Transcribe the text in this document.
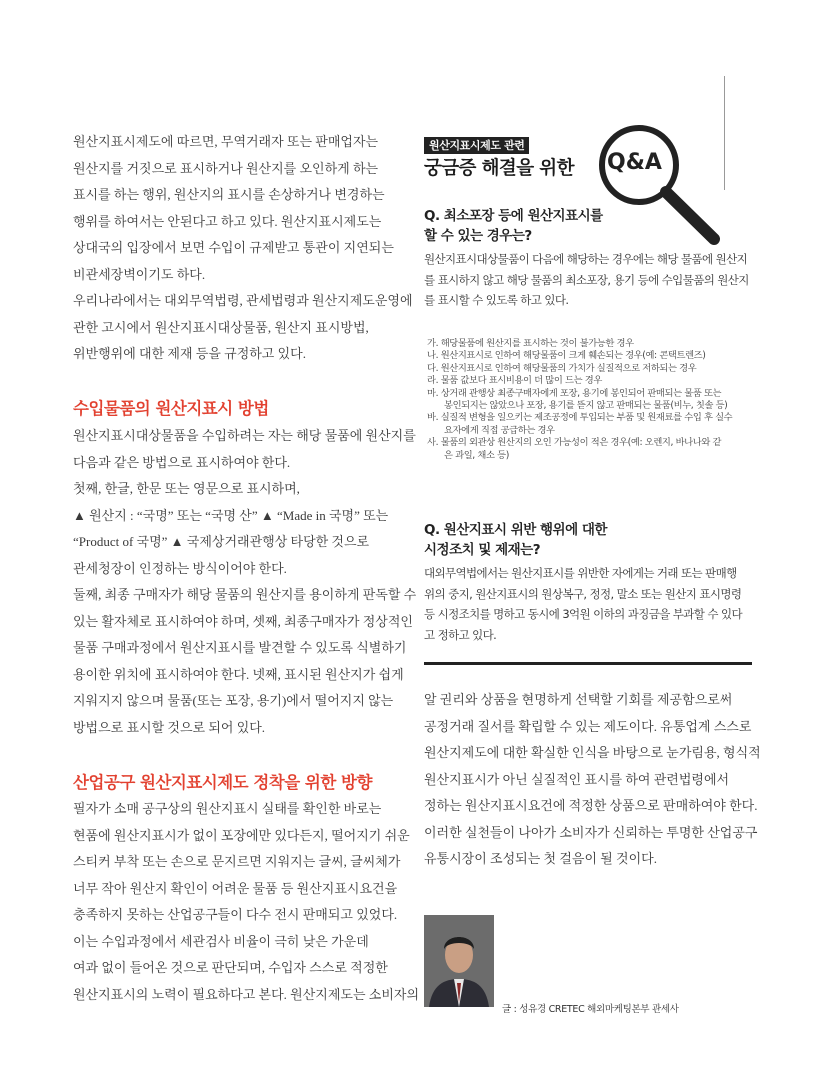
원산지표시제도에 따르면, 무역거래자 또는 판매업자는
원산지를 거짓으로 표시하거나 원산지를 오인하게 하는
표시를 하는 행위, 원산지의 표시를 손상하거나 변경하는
행위를 하여서는 안된다고 하고 있다. 원산지표시제도는
상대국의 입장에서 보면 수입이 규제받고 통관이 지연되는
비관세장벽이기도 하다.
우리나라에서는 대외무역법령, 관세법령과 원산지제도운영에
관한 고시에서 원산지표시대상물품, 원산지 표시방법,
위반행위에 대한 제재 등을 규정하고 있다.

수입물품의 원산지표시 방법

원산지표시대상물품을 수입하려는 자는 해당 물품에 원산지를
다음과 같은 방법으로 표시하여야 한다.
첫째, 한글, 한문 또는 영문으로 표시하며,
▲ 원산지 : “국명” 또는 “국명 산” ▲ “Made in 국명” 또는
“Product of 국명” ▲ 국제상거래관행상 타당한 것으로
관세청장이 인정하는 방식이어야 한다.
둘째, 최종 구매자가 해당 물품의 원산지를 용이하게 판독할 수
있는 활자체로 표시하여야 하며, 셋째, 최종구매자가 정상적인
물품 구매과정에서 원산지표시를 발견할 수 있도록 식별하기
용이한 위치에 표시하여야 한다. 넷째, 표시된 원산지가 쉽게
지워지지 않으며 물품(또는 포장, 용기)에서 떨어지지 않는
방법으로 표시할 것으로 되어 있다.

산업공구 원산지표시제도 정착을 위한 방향

필자가 소매 공구상의 원산지표시 실태를 확인한 바로는
현품에 원산지표시가 없이 포장에만 있다든지, 떨어지기 쉬운
스티커 부착 또는 손으로 문지르면 지워지는 글씨, 글씨체가
너무 작아 원산지 확인이 어려운 물품 등 원산지표시요건을
충족하지 못하는 산업공구들이 다수 전시 판매되고 있었다.
이는 수입과정에서 세관검사 비율이 극히 낮은 가운데
여과 없이 들어온 것으로 판단되며, 수입자 스스로 적정한
원산지표시의 노력이 필요하다고 본다. 원산지제도는 소비자의

원산지표시제도 관련
궁금증 해결을 위한 Q&A

Q. 최소포장 등에 원산지표시를
할 수 있는 경우는?

원산지표시대상물품이 다음에 해당하는 경우에는 해당 물품에 원산지
를 표시하지 않고 해당 물품의 최소포장, 용기 등에 수입물품의 원산지
를 표시할 수 있도록 하고 있다.

가. 해당물품에 원산지를 표시하는 것이 불가능한 경우
나. 원산지표시로 인하여 해당물품이 크게 훼손되는 경우(예: 콘택트렌즈)
다. 원산지표시로 인하여 해당물품의 가치가 실질적으로 저하되는 경우
라. 물품 값보다 표시비용이 더 많이 드는 경우
마. 상거래 관행상 최종구매자에게 포장, 용기에 봉인되어 판매되는 물품 또는
봉인되지는 않았으나 포장, 용기를 뜯지 않고 판매되는 물품(비누, 칫솔 등)
바. 실질적 변형을 일으키는 제조공정에 투입되는 부품 및 원재료를 수입 후 실수
요자에게 직접 공급하는 경우
사. 물품의 외관상 원산지의 오인 가능성이 적은 경우(예: 오렌지, 바나나와 같
은 과일, 채소 등)

Q. 원산지표시 위반 행위에 대한
시정조치 및 제재는?

대외무역법에서는 원산지표시를 위반한 자에게는 거래 또는 판매행
위의 중지, 원산지표시의 원상복구, 정정, 말소 또는 원산지 표시명령
등 시정조치를 명하고 동시에 3억원 이하의 과징금을 부과할 수 있다
고 정하고 있다.

알 권리와 상품을 현명하게 선택할 기회를 제공함으로써
공정거래 질서를 확립할 수 있는 제도이다. 유통업계 스스로
원산지제도에 대한 확실한 인식을 바탕으로 눈가림용, 형식적
원산지표시가 아닌 실질적인 표시를 하여 관련법령에서
정하는 원산지표시요건에 적정한 상품으로 판매하여야 한다.
이러한 실천들이 나아가 소비자가 신뢰하는 투명한 산업공구
유통시장이 조성되는 첫 걸음이 될 것이다.

글 : 성유경 CRETEC 해외마케팅본부 관세사
